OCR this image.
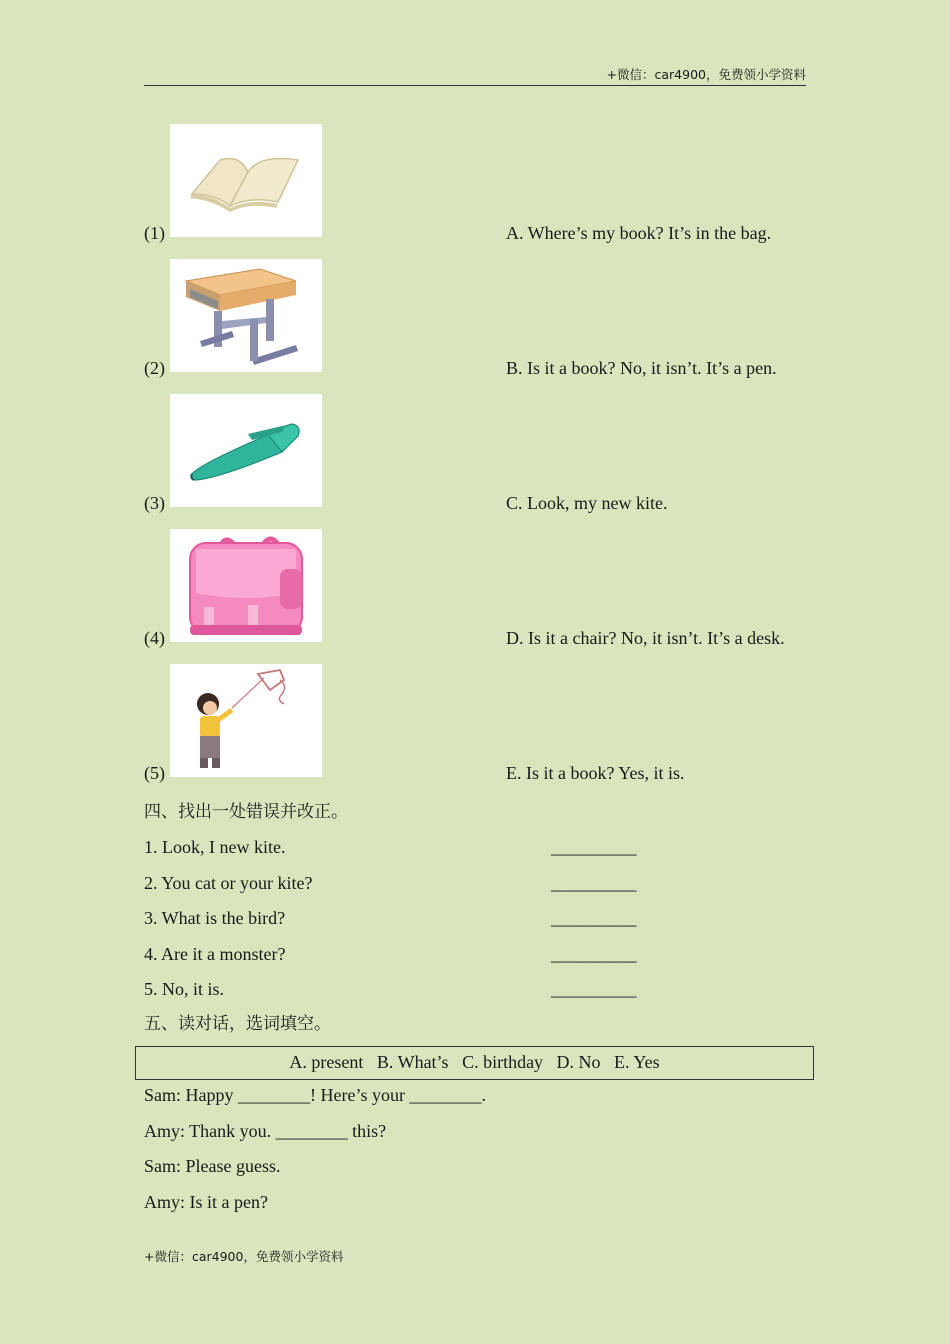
+微信：car4900，免费领小学资料
(1)	A. Where’s my book? It’s in the bag.
(2)	B. Is it a book? No, it isn’t. It’s a pen.
(3)	C. Look, my new kite.
(4)	D. Is it a chair? No, it isn’t. It’s a desk.
(5)	E. Is it a book? Yes, it is.
四、找出一处错误并改正。
1. Look, I new kite.	__________
2. You cat or your kite?	__________
3. What is the bird?	__________
4. Are it a monster?	__________
5. No, it is.	__________
五、读对话，选词填空。
A. present   B. What’s   C. birthday   D. No   E. Yes
Sam: Happy ________! Here’s your ________.
Amy: Thank you. ________ this?
Sam: Please guess.
Amy: Is it a pen?
+微信：car4900，免费领小学资料
